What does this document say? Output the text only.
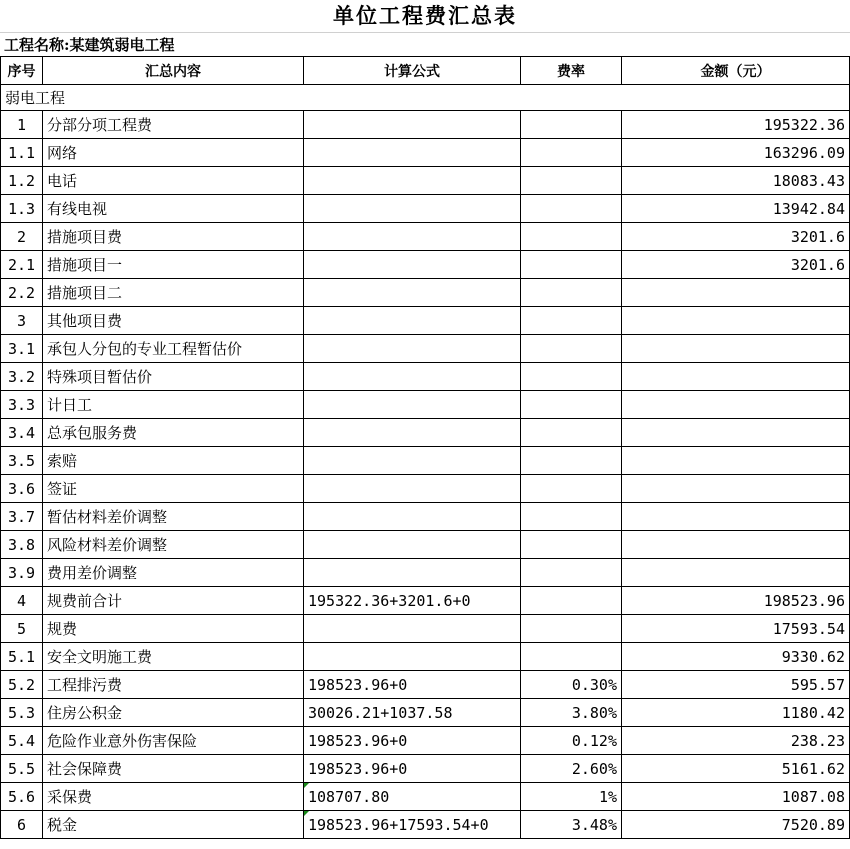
单位工程费汇总表
工程名称:某建筑弱电工程
序号	汇总内容	计算公式	费率	金额（元）
弱电工程				
1	分部分项工程费			195322.36
1.1	网络			163296.09
1.2	电话			18083.43
1.3	有线电视			13942.84
2	措施项目费			3201.6
2.1	措施项目一			3201.6
2.2	措施项目二			
3	其他项目费			
3.1	承包人分包的专业工程暂估价			
3.2	特殊项目暂估价			
3.3	计日工			
3.4	总承包服务费			
3.5	索赔			
3.6	签证			
3.7	暂估材料差价调整			
3.8	风险材料差价调整			
3.9	费用差价调整			
4	规费前合计	195322.36+3201.6+0		198523.96
5	规费			17593.54
5.1	安全文明施工费			9330.62
5.2	工程排污费	198523.96+0	0.30%	595.57
5.3	住房公积金	30026.21+1037.58	3.80%	1180.42
5.4	危险作业意外伤害保险	198523.96+0	0.12%	238.23
5.5	社会保障费	198523.96+0	2.60%	5161.62
5.6	采保费	108707.80	1%	1087.08
6	税金	198523.96+17593.54+0	3.48%	7520.89
